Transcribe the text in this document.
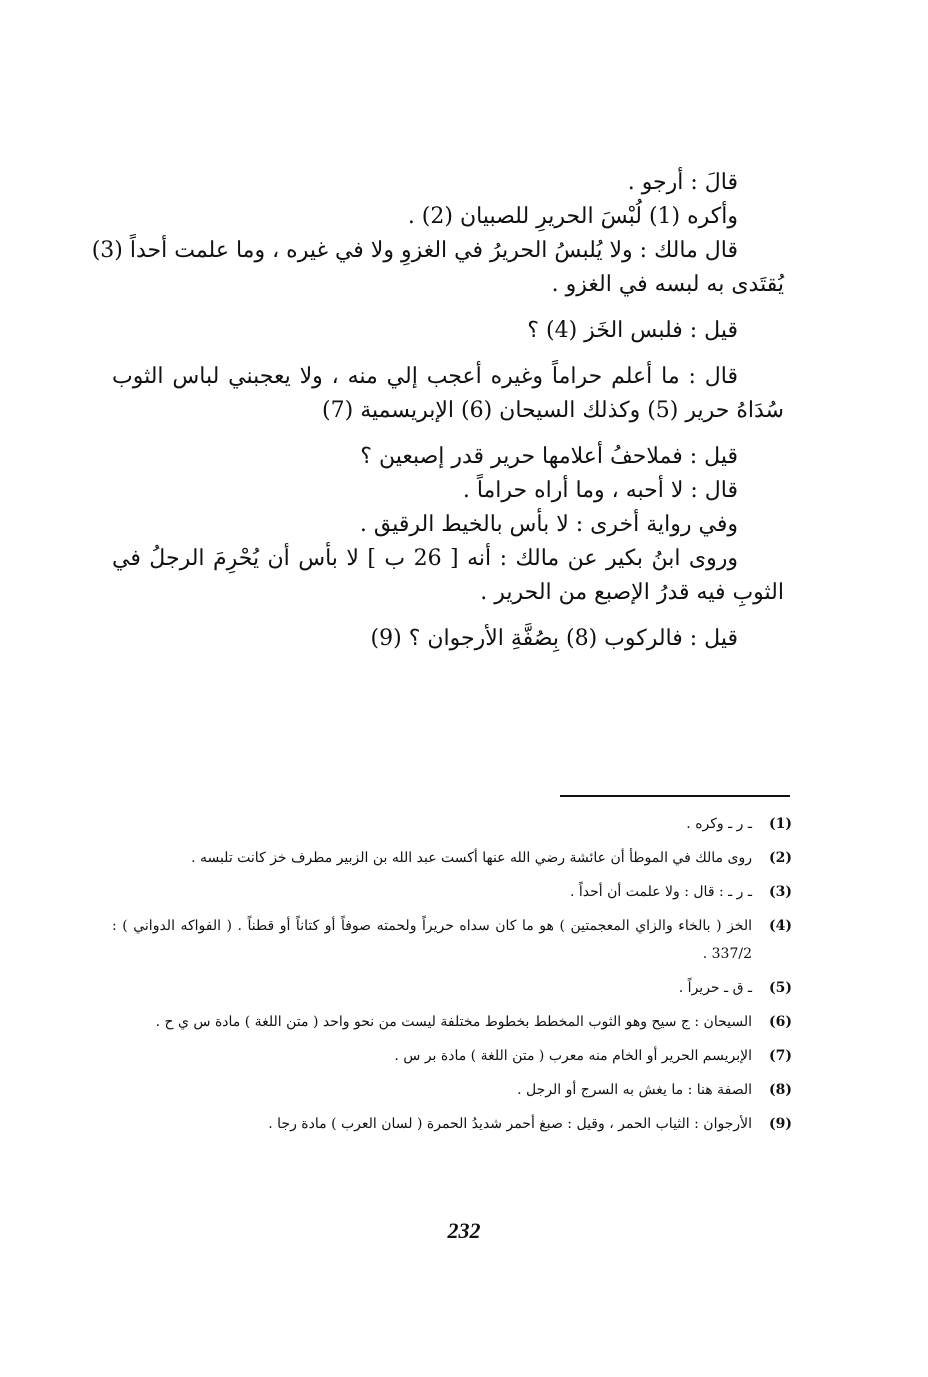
قالَ : أرجو .
وأكره (1) لُبْسَ الحريرِ للصبيان (2) .
قال مالك : ولا يُلبسُ الحريرُ في الغزوِ ولا في غيره ، وما علمت أحداً (3)
يُقتَدى به لبسه في الغزو .
قيل : فلبس الخَز (4) ؟
قال : ما أعلم حراماً وغيره أعجب إلي منه ، ولا يعجبني لباس الثوب
سُدَاهُ حرير (5) وكذلك السيحان (6) الإبريسمية (7)
قيل : فملاحفُ أعلامها حرير قدر إصبعين ؟
قال : لا أحبه ، وما أراه حراماً .
وفي رواية أخرى : لا بأس بالخيط الرقيق .
وروى ابنُ بكير عن مالك : أنه [ 26 ب ] لا بأس أن يُحْرِمَ الرجلُ في
الثوبِ فيه قدرُ الإصبع من الحرير .
قيل : فالركوب (8) بِصُفَّةِ الأرجوان ؟ (9)
(1)
ـ ر ـ وكره .
(2)
روى مالك في الموطأ أن عائشة رضي الله عنها أكست عبد الله بن الزبير مطرف خز كانت تلبسه .
(3)
ـ ر ـ : قال : ولا علمت أن أحداً .
(4)
الخز ( بالخاء والزاي المعجمتين ) هو ما كان سداه حريراً ولحمته صوفاً أو كتاناً أو قطناً . ( الفواكه الدواني ) : 337/2 .
(5)
ـ ق ـ حريراً .
(6)
السيحان : ج سيح وهو الثوب المخطط بخطوط مختلفة ليست من نحو واحد ( متن اللغة ) مادة س ي ح .
(7)
الإبريسم الحرير أو الخام منه معرب ( متن اللغة ) مادة بر س .
(8)
الصفة هنا : ما يغش به السرج أو الرجل .
(9)
الأرجوان : الثياب الحمر ، وقيل : صبغ أحمر شديدُ الحمرة ( لسان العرب ) مادة رجا .
232
